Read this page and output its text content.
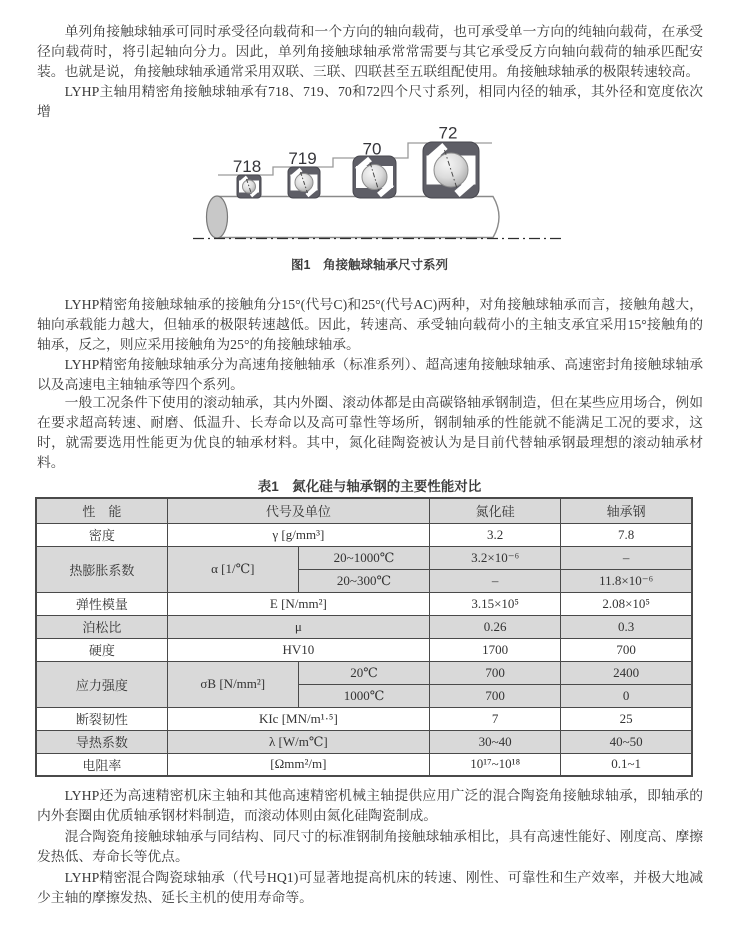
单列角接触球轴承可同时承受径向载荷和一个方向的轴向载荷，也可承受单一方向的纯轴向载荷，在承受径向载荷时，将引起轴向分力。因此，单列角接触球轴承常常需要与其它承受反方向轴向载荷的轴承匹配安装。也就是说，角接触球轴承通常采用双联、三联、四联甚至五联组配使用。角接触球轴承的极限转速较高。
LYHP主轴用精密角接触球轴承有718、719、70和72四个尺寸系列，相同内径的轴承，其外径和宽度依次增
718 719	70
72
图1　角接触球轴承尺寸系列
LYHP精密角接触球轴承的接触角分15°(代号C)和25°(代号AC)两种，对角接触球轴承而言，接触角越大，轴向承载能力越大，但轴承的极限转速越低。因此，转速高、承受轴向载荷小的主轴支承宜采用15°接触角的轴承，反之，则应采用接触角为25°的角接触球轴承。
LYHP精密角接触球轴承分为高速角接触轴承（标准系列）、超高速角接触球轴承、高速密封角接触球轴承以及高速电主轴轴承等四个系列。
一般工况条件下使用的滚动轴承，其内外圈、滚动体都是由高碳铬轴承钢制造，但在某些应用场合，例如在要求超高转速、耐磨、低温升、长寿命以及高可靠性等场所，钢制轴承的性能就不能满足工况的要求，这时，就需要选用性能更为优良的轴承材料。其中，氮化硅陶瓷被认为是目前代替轴承钢最理想的滚动轴承材料。
表1　氮化硅与轴承钢的主要性能对比
性　能	代号及单位		氮化硅	轴承钢
密度	γ [g/mm³]		3.2	7.8
热膨胀系数	α [1/℃]	20~1000℃	3.2×10⁻⁶	–
		20~300℃	–	11.8×10⁻⁶
弹性模量	E [N/mm²]		3.15×10⁵	2.08×10⁵
泊松比	μ		0.26	0.3
硬度	HV10		1700	700
应力强度	σB [N/mm²]	20℃	700	2400
		1000℃	700	0
断裂韧性	KIc [MN/m¹·⁵]		7	25
导热系数	λ [W/m℃]		30~40	40~50
电阻率	[Ωmm²/m]		10¹⁷~10¹⁸	0.1~1
LYHP还为高速精密机床主轴和其他高速精密机械主轴提供应用广泛的混合陶瓷角接触球轴承，即轴承的内外套圈由优质轴承钢材料制造，而滚动体则由氮化硅陶瓷制成。
混合陶瓷角接触球轴承与同结构、同尺寸的标准钢制角接触球轴承相比，具有高速性能好、刚度高、摩擦发热低、寿命长等优点。
LYHP精密混合陶瓷球轴承（代号HQ1)可显著地提高机床的转速、刚性、可靠性和生产效率，并极大地减少主轴的摩擦发热、延长主机的使用寿命等。
